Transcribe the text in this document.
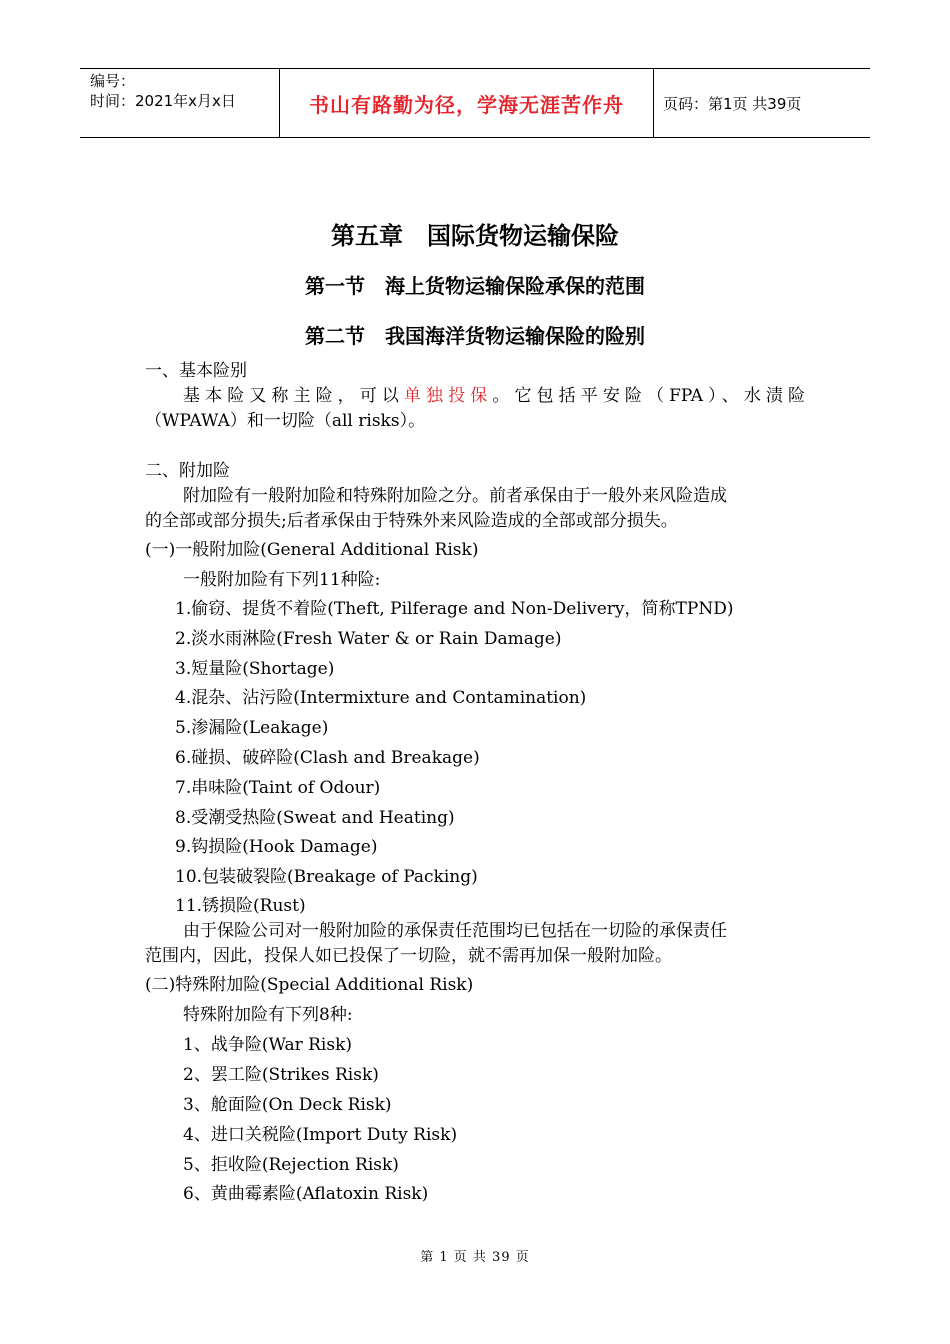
编号：
时间：2021年x月x日	书山有路勤为径，学海无涯苦作舟	页码：第1页 共39页
第五章　国际货物运输保险
第一节　海上货物运输保险承保的范围
第二节　我国海洋货物运输保险的险别
一、基本险别
基本险又称主险，可以单独投保。它包括平安险（FPA）、水渍险
（WPAWA）和一切险（all risks）。
二、附加险
附加险有一般附加险和特殊附加险之分。前者承保由于一般外来风险造成
的全部或部分损失;后者承保由于特殊外来风险造成的全部或部分损失。
(一)一般附加险(General Additional Risk)
一般附加险有下列11种险:
1.偷窃、提货不着险(Theft, Pilferage and Non-Delivery，简称TPND)
2.淡水雨淋险(Fresh Water & or Rain Damage)
3.短量险(Shortage)
4.混杂、沾污险(Intermixture and Contamination)
5.渗漏险(Leakage)
6.碰损、破碎险(Clash and Breakage)
7.串味险(Taint of Odour)
8.受潮受热险(Sweat and Heating)
9.钩损险(Hook Damage)
10.包装破裂险(Breakage of Packing)
11.锈损险(Rust)
由于保险公司对一般附加险的承保责任范围均已包括在一切险的承保责任
范围内，因此，投保人如已投保了一切险，就不需再加保一般附加险。
(二)特殊附加险(Special Additional Risk)
特殊附加险有下列8种:
1、战争险(War Risk)
2、罢工险(Strikes Risk)
3、舱面险(On Deck Risk)
4、进口关税险(Import Duty Risk)
5、拒收险(Rejection Risk)
6、黄曲霉素险(Aflatoxin Risk)
第 1 页 共 39 页
